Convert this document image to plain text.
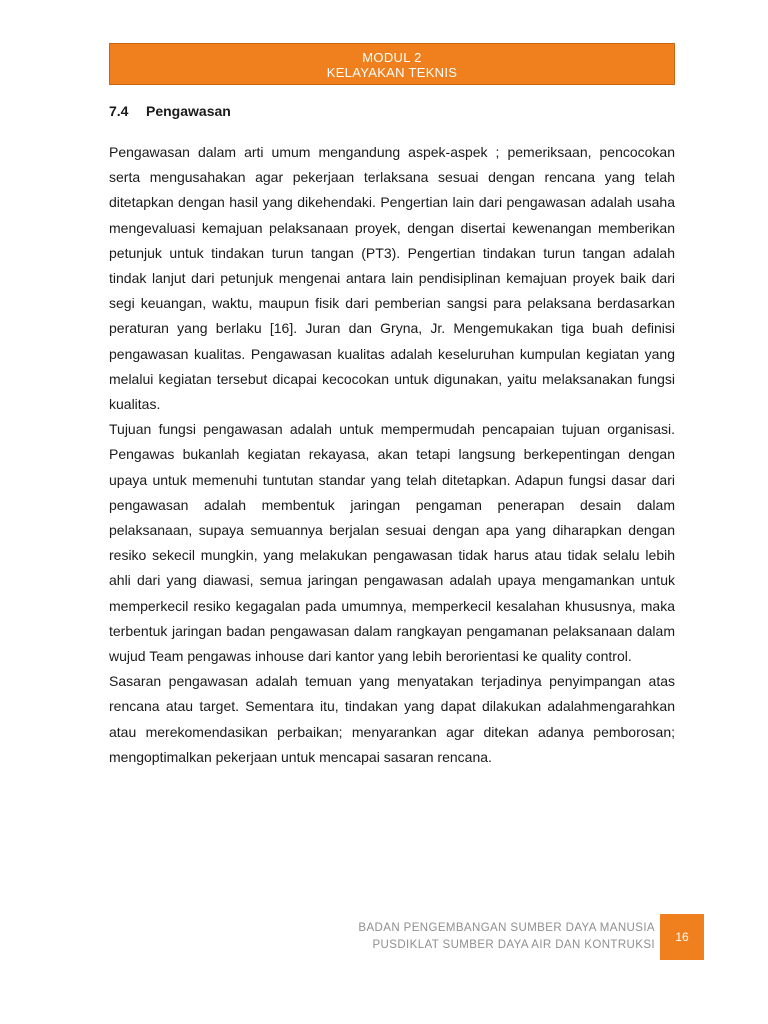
MODUL 2
KELAYAKAN TEKNIS
7.4 Pengawasan

Pengawasan dalam arti umum mengandung aspek-aspek ; pemeriksaan, pencocokan serta mengusahakan agar pekerjaan terlaksana sesuai dengan rencana yang telah ditetapkan dengan hasil yang dikehendaki. Pengertian lain dari pengawasan adalah usaha mengevaluasi kemajuan pelaksanaan proyek, dengan disertai kewenangan memberikan petunjuk untuk tindakan turun tangan (PT3). Pengertian tindakan turun tangan adalah tindak lanjut dari petunjuk mengenai antara lain pendisiplinan kemajuan proyek baik dari segi keuangan, waktu, maupun fisik dari pemberian sangsi para pelaksana berdasarkan peraturan yang berlaku [16]. Juran dan Gryna, Jr. Mengemukakan tiga buah definisi pengawasan kualitas. Pengawasan kualitas adalah keseluruhan kumpulan kegiatan yang melalui kegiatan tersebut dicapai kecocokan untuk digunakan, yaitu melaksanakan fungsi kualitas.

Tujuan fungsi pengawasan adalah untuk mempermudah pencapaian tujuan organisasi. Pengawas bukanlah kegiatan rekayasa, akan tetapi langsung berkepentingan dengan upaya untuk memenuhi tuntutan standar yang telah ditetapkan. Adapun fungsi dasar dari pengawasan adalah membentuk jaringan pengaman penerapan desain dalam pelaksanaan, supaya semuannya berjalan sesuai dengan apa yang diharapkan dengan resiko sekecil mungkin, yang melakukan pengawasan tidak harus atau tidak selalu lebih ahli dari yang diawasi, semua jaringan pengawasan adalah upaya mengamankan untuk memperkecil resiko kegagalan pada umumnya, memperkecil kesalahan khususnya, maka terbentuk jaringan badan pengawasan dalam rangkayan pengamanan pelaksanaan dalam wujud Team pengawas inhouse dari kantor yang lebih berorientasi ke quality control.

Sasaran pengawasan adalah temuan yang menyatakan terjadinya penyimpangan atas rencana atau target. Sementara itu, tindakan yang dapat dilakukan adalahmengarahkan atau merekomendasikan perbaikan; menyarankan agar ditekan adanya pemborosan; mengoptimalkan pekerjaan untuk mencapai sasaran rencana.

BADAN PENGEMBANGAN SUMBER DAYA MANUSIA
PUSDIKLAT SUMBER DAYA AIR DAN KONTRUKSI
16
